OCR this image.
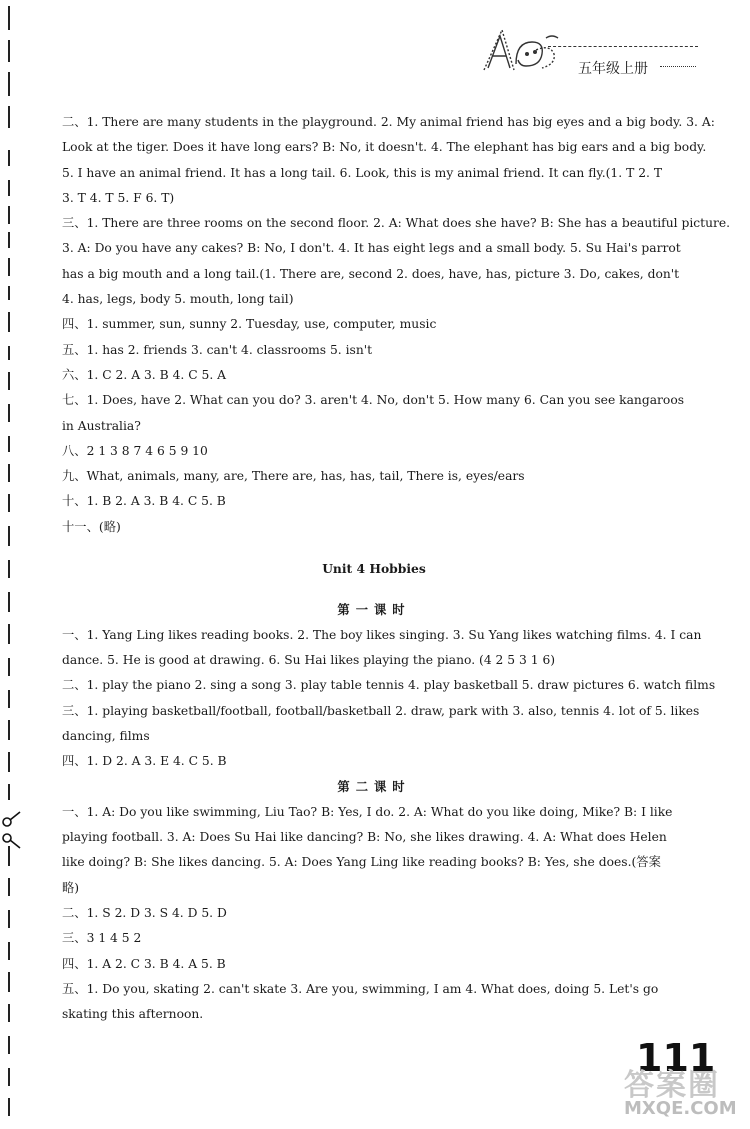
五年级上册
二、1. There are many students in the playground. 2. My animal friend has big eyes and a big body. 3. A:
Look at the tiger. Does it have long ears? B: No, it doesn't. 4. The elephant has big ears and a big body.
5. I have an animal friend. It has a long tail. 6. Look, this is my animal friend. It can fly.(1. T 2. T
3. T 4. T 5. F 6. T)
三、1. There are three rooms on the second floor. 2. A: What does she have? B: She has a beautiful picture.
3. A: Do you have any cakes? B: No, I don't. 4. It has eight legs and a small body. 5. Su Hai's parrot
has a big mouth and a long tail.(1. There are, second 2. does, have, has, picture 3. Do, cakes, don't
4. has, legs, body 5. mouth, long tail)
四、1. summer, sun, sunny 2. Tuesday, use, computer, music
五、1. has 2. friends 3. can't 4. classrooms 5. isn't
六、1. C 2. A 3. B 4. C 5. A
七、1. Does, have 2. What can you do? 3. aren't 4. No, don't 5. How many 6. Can you see kangaroos
in Australia?
八、2 1 3 8 7 4 6 5 9 10
九、What, animals, many, are, There are, has, has, tail, There is, eyes/ears
十、1. B 2. A 3. B 4. C 5. B
十一、(略)
Unit 4 Hobbies
第一课时
一、1. Yang Ling likes reading books. 2. The boy likes singing. 3. Su Yang likes watching films. 4. I can
dance. 5. He is good at drawing. 6. Su Hai likes playing the piano. (4 2 5 3 1 6)
二、1. play the piano 2. sing a song 3. play table tennis 4. play basketball 5. draw pictures 6. watch films
三、1. playing basketball/football, football/basketball 2. draw, park with 3. also, tennis 4. lot of 5. likes
dancing, films
四、1. D 2. A 3. E 4. C 5. B
第二课时
一、1. A: Do you like swimming, Liu Tao? B: Yes, I do. 2. A: What do you like doing, Mike? B: I like
playing football. 3. A: Does Su Hai like dancing? B: No, she likes drawing. 4. A: What does Helen
like doing? B: She likes dancing. 5. A: Does Yang Ling like reading books? B: Yes, she does.(答案
略)
二、1. S 2. D 3. S 4. D 5. D
三、3 1 4 5 2
四、1. A 2. C 3. B 4. A 5. B
五、1. Do you, skating 2. can't skate 3. Are you, swimming, I am 4. What does, doing 5. Let's go
skating this afternoon.
111
答案圈
MXQE.COM
